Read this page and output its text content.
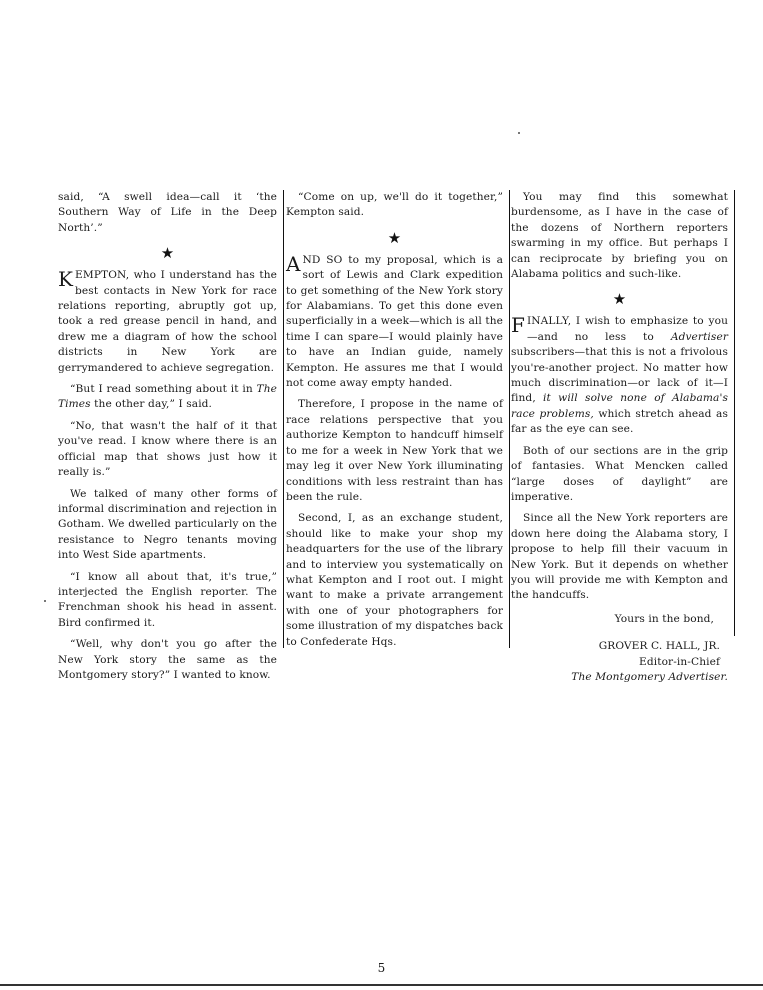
said, “A swell idea—call it ‘the Southern Way of Life in the Deep North’.”

★

KEMPTON, who I understand has the best contacts in New York for race relations reporting, abruptly got up, took a red grease pencil in hand, and drew me a diagram of how the school districts in New York are gerrymandered to achieve segregation.

“But I read something about it in The Times the other day,” I said.

“No, that wasn't the half of it that you've read. I know where there is an official map that shows just how it really is.”

We talked of many other forms of informal discrimination and rejection in Gotham. We dwelled particularly on the resistance to Negro tenants moving into West Side apartments.

“I know all about that, it's true,” interjected the English reporter. The Frenchman shook his head in assent. Bird confirmed it.

“Well, why don't you go after the New York story the same as the Montgomery story?” I wanted to know.

“Come on up, we'll do it together,” Kempton said.

★

AND SO to my proposal, which is a sort of Lewis and Clark expedition to get something of the New York story for Alabamians. To get this done even superficially in a week—which is all the time I can spare—I would plainly have to have an Indian guide, namely Kempton. He assures me that I would not come away empty handed.

Therefore, I propose in the name of race relations perspective that you authorize Kempton to handcuff himself to me for a week in New York that we may leg it over New York illuminating conditions with less restraint than has been the rule.

Second, I, as an exchange student, should like to make your shop my headquarters for the use of the library and to interview you systematically on what Kempton and I root out. I might want to make a private arrangement with one of your photographers for some illustration of my dispatches back to Confederate Hqs.

You may find this somewhat burdensome, as I have in the case of the dozens of Northern reporters swarming in my office. But perhaps I can reciprocate by briefing you on Alabama politics and such-like.

★

FINALLY, I wish to emphasize to you —and no less to Advertiser subscribers—that this is not a frivolous you're-another project. No matter how much discrimination—or lack of it—I find, it will solve none of Alabama's race problems, which stretch ahead as far as the eye can see.

Both of our sections are in the grip of fantasies. What Mencken called “large doses of daylight” are imperative.

Since all the New York reporters are down here doing the Alabama story, I propose to help fill their vacuum in New York. But it depends on whether you will provide me with Kempton and the handcuffs.

Yours in the bond,

GROVER C. HALL, JR.

Editor-in-Chief

The Montgomery Advertiser.

5
